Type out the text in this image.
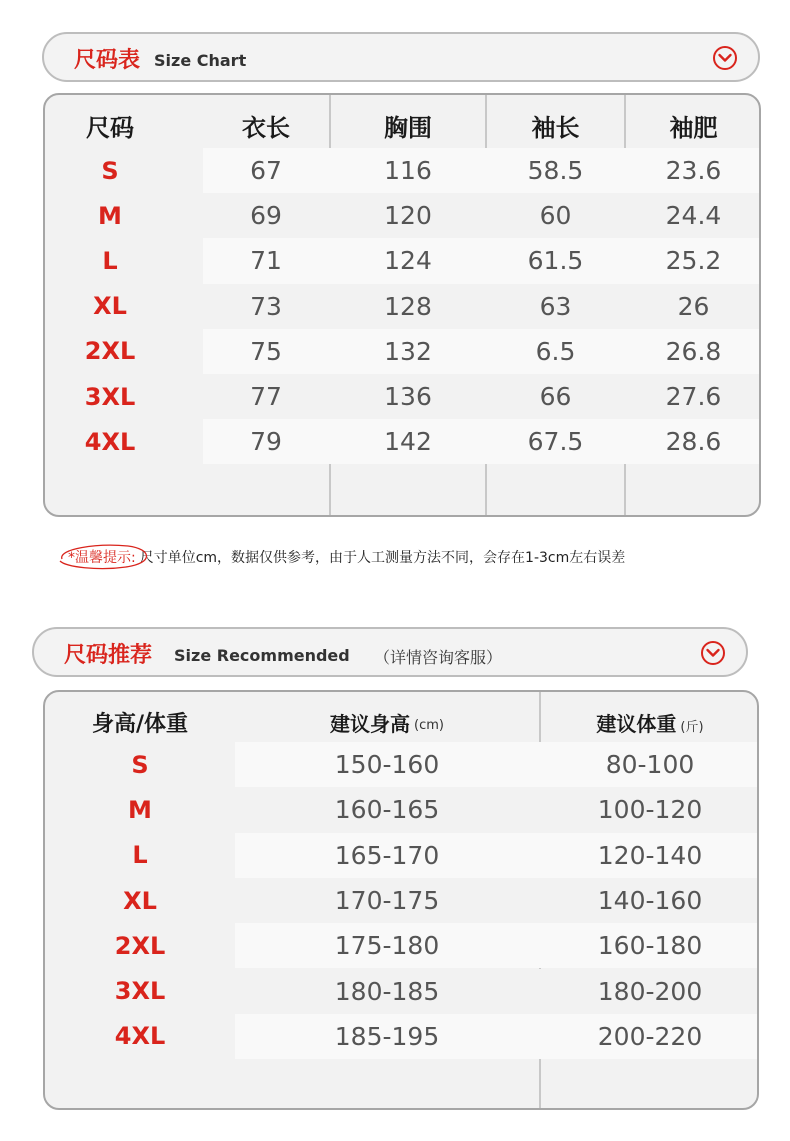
尺码表 Size Chart
尺码	衣长	胸围	袖长	袖肥
S	67	116	58.5	23.6
M	69	120	60	24.4
L	71	124	61.5	25.2
XL	73	128	63	26
2XL	75	132	6.5	26.8
3XL	77	136	66	27.6
4XL	79	142	67.5	28.6
*温馨提示: 尺寸单位cm，数据仅供参考，由于人工测量方法不同，会存在1-3cm左右误差
尺码推荐 Size Recommended （详情咨询客服）
身高/体重	建议身高 (cm)	建议体重 (斤)
S	150-160	80-100
M	160-165	100-120
L	165-170	120-140
XL	170-175	140-160
2XL	175-180	160-180
3XL	180-185	180-200
4XL	185-195	200-220
